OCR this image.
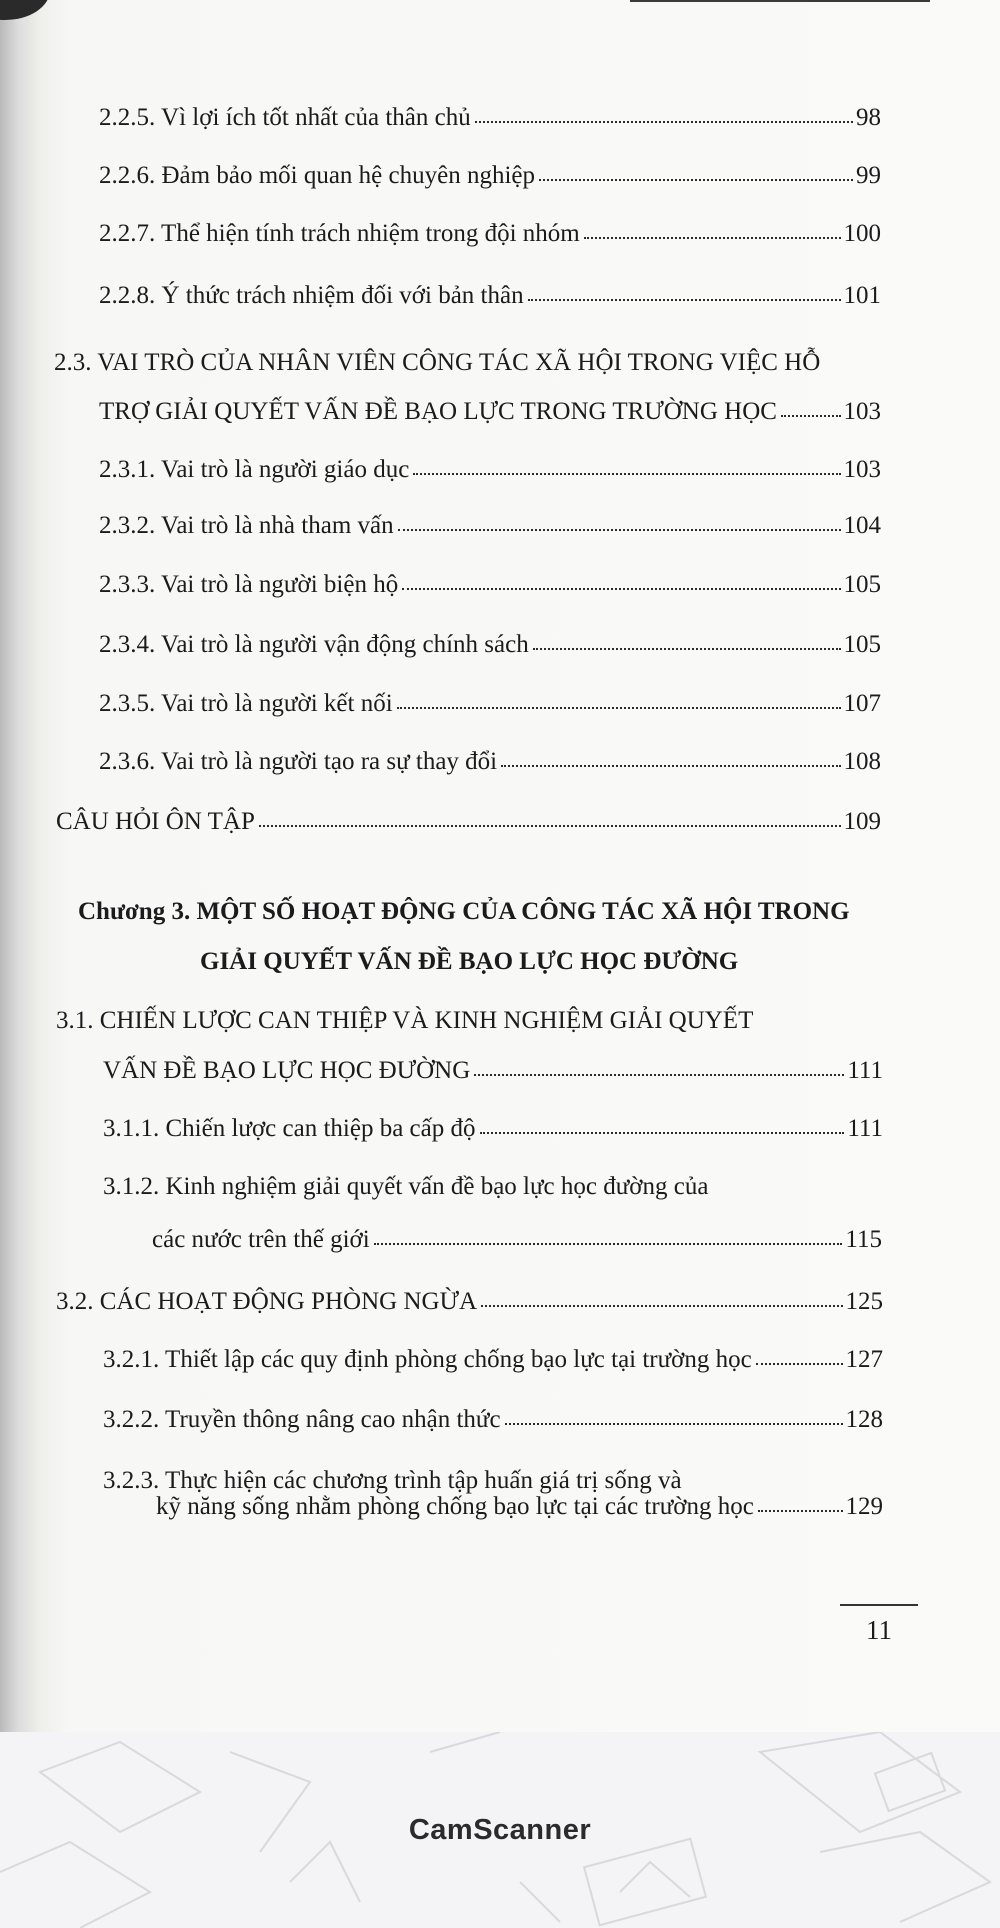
2.2.5. Vì lợi ích tốt nhất của thân chủ	98
2.2.6. Đảm bảo mối quan hệ chuyên nghiệp	99
2.2.7. Thể hiện tính trách nhiệm trong đội nhóm	100
2.2.8. Ý thức trách nhiệm đối với bản thân	101
2.3. VAI TRÒ CỦA NHÂN VIÊN CÔNG TÁC XÃ HỘI TRONG VIỆC HỖ
TRỢ GIẢI QUYẾT VẤN ĐỀ BẠO LỰC TRONG TRƯỜNG HỌC	103
2.3.1. Vai trò là người giáo dục	103
2.3.2. Vai trò là nhà tham vấn	104
2.3.3. Vai trò là người biện hộ	105
2.3.4. Vai trò là người vận động chính sách	105
2.3.5. Vai trò là người kết nối	107
2.3.6. Vai trò là người tạo ra sự thay đổi	108
CÂU HỎI ÔN TẬP	109
Chương 3. MỘT SỐ HOẠT ĐỘNG CỦA CÔNG TÁC XÃ HỘI TRONG
GIẢI QUYẾT VẤN ĐỀ BẠO LỰC HỌC ĐƯỜNG
3.1. CHIẾN LƯỢC CAN THIỆP VÀ KINH NGHIỆM GIẢI QUYẾT
VẤN ĐỀ BẠO LỰC HỌC ĐƯỜNG	111
3.1.1. Chiến lược can thiệp ba cấp độ	111
3.1.2. Kinh nghiệm giải quyết vấn đề bạo lực học đường của
các nước trên thế giới	115
3.2. CÁC HOẠT ĐỘNG PHÒNG NGỪA	125
3.2.1. Thiết lập các quy định phòng chống bạo lực tại trường học	127
3.2.2. Truyền thông nâng cao nhận thức	128
3.2.3. Thực hiện các chương trình tập huấn giá trị sống và
kỹ năng sống nhằm phòng chống bạo lực tại các trường học	129
11
CamScanner
